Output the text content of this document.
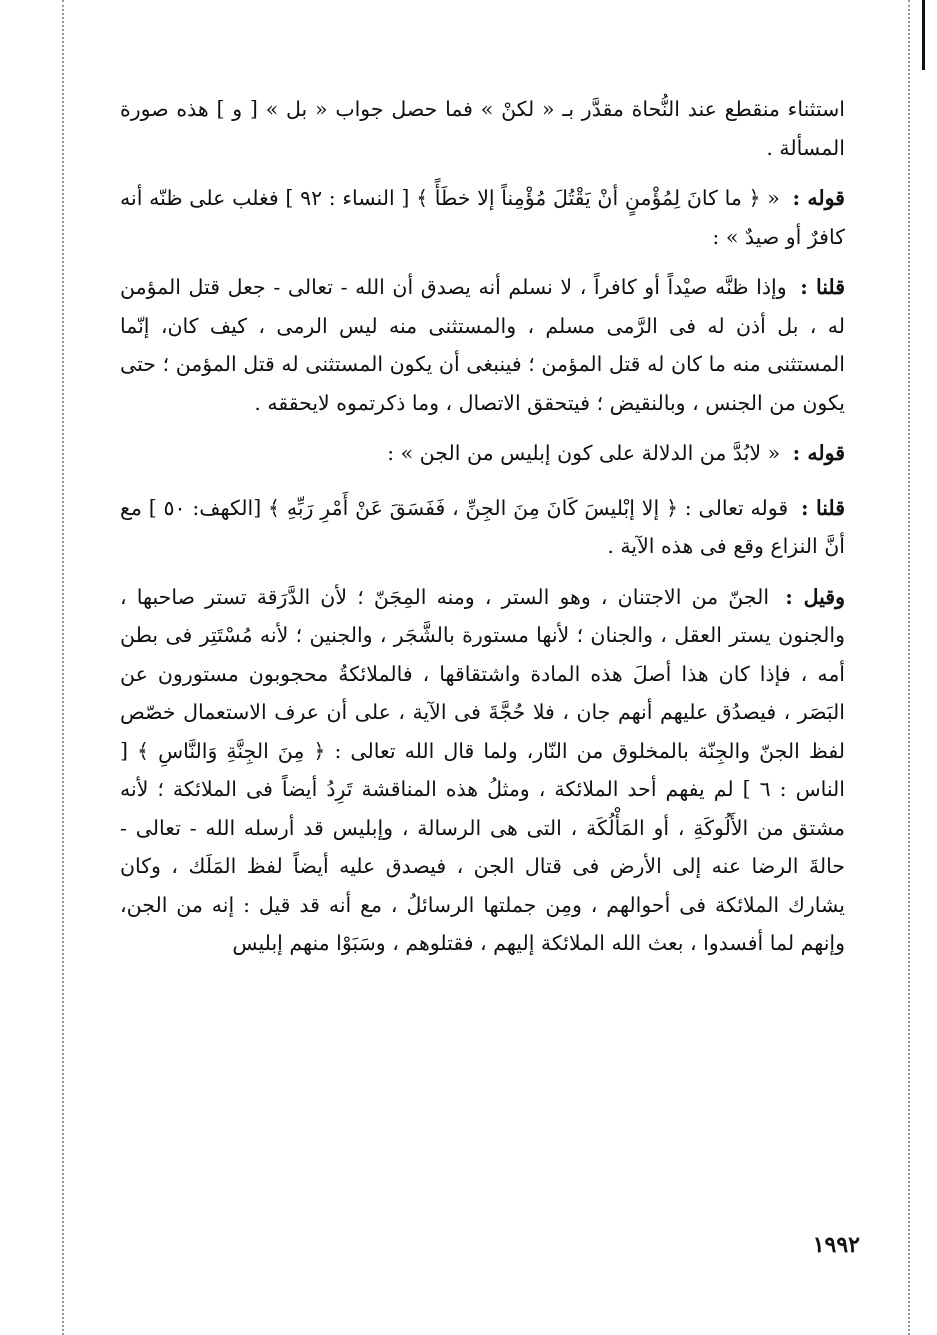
استثناء منقطع عند النُّحاة مقدَّر بـ « لكنْ » فما حصل جواب « بل » [ و ] هذه صورة المسألة .

قوله : « ﴿ ما كانَ لِمُؤْمنٍ أنْ يَقْتُلَ مُؤْمِناً إلا خطَأً ﴾ [ النساء : ٩٢ ] فغلب على ظنّه أنه كافرٌ أو صيدٌ » :

قلنا : وإذا ظنَّه صيْداً أو كافراً ، لا نسلم أنه يصدق أن الله - تعالى - جعل قتل المؤمن له ، بل أذن له فى الرَّمى مسلم ، والمستثنى منه ليس الرمى ، كيف كان، إنّما المستثنى منه ما كان له قتل المؤمن ؛ فينبغى أن يكون المستثنى له قتل المؤمن ؛ حتى يكون من الجنس ، وبالنقيض ؛ فيتحقق الاتصال ، وما ذكرتموه لايحققه .

قوله : « لابُدَّ من الدلالة على كون إبليس من الجن » :

قلنا : قوله تعالى : ﴿ إلا إبْليسَ كَانَ مِنَ الجِنِّ ، فَفَسَقَ عَنْ أَمْرِ رَبِّهِ ﴾ [الكهف: ٥٠ ] مع أنَّ النزاع وقع فى هذه الآية .

وقيل : الجنّ من الاجتنان ، وهو الستر ، ومنه المِجَنّ ؛ لأن الدَّرَقة تستر صاحبها ، والجنون يستر العقل ، والجنان ؛ لأنها مستورة بالشَّجَر ، والجنين ؛ لأنه مُسْتَتِر فى بطن أمه ، فإذا كان هذا أصلَ هذه المادة واشتقاقها ، فالملائكةُ محجوبون مستورون عن البَصَر ، فيصدُق عليهم أنهم جان ، فلا حُجَّةَ فى الآية ، على أن عرف الاستعمال خصّص لفظ الجنّ والجِنّة بالمخلوق من النّار، ولما قال الله تعالى : ﴿ مِنَ الجِنَّةِ وَالنَّاسِ ﴾ [ الناس : ٦ ] لم يفهم أحد الملائكة ، ومثلُ هذه المناقشة تَرِدُ أيضاً فى الملائكة ؛ لأنه مشتق من الأَلُوكَةِ ، أو المَأْلُكَة ، التى هى الرسالة ، وإبليس قد أرسله الله - تعالى - حالةَ الرضا عنه إلى الأرض فى قتال الجن ، فيصدق عليه أيضاً لفظ المَلَك ، وكان يشارك الملائكة فى أحوالهم ، ومِن جملتها الرسائلُ ، مع أنه قد قيل : إنه من الجن، وإنهم لما أفسدوا ، بعث الله الملائكة إليهم ، فقتلوهم ، وسَبَوْا منهم إبليس

١٩٩٢
